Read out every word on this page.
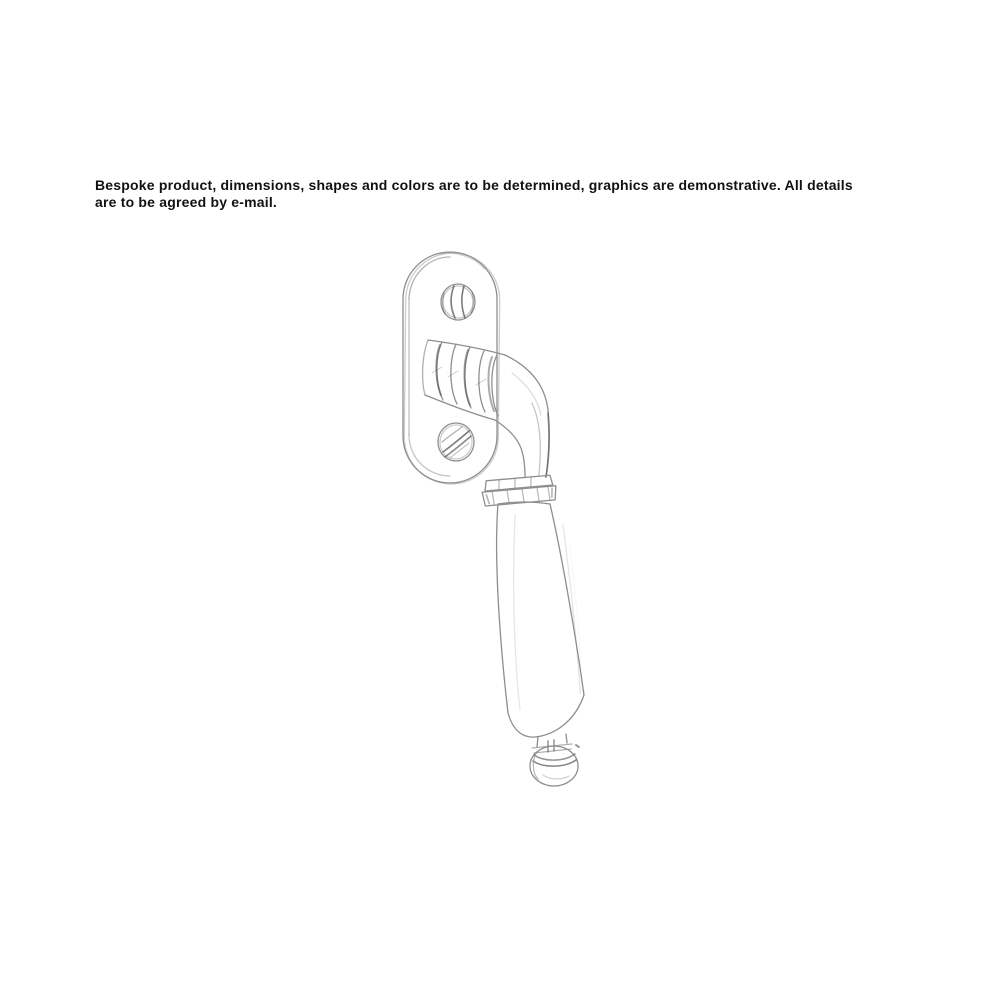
Bespoke product, dimensions, shapes and colors are to be determined, graphics are demonstrative. All details
are to be agreed by e-mail.
